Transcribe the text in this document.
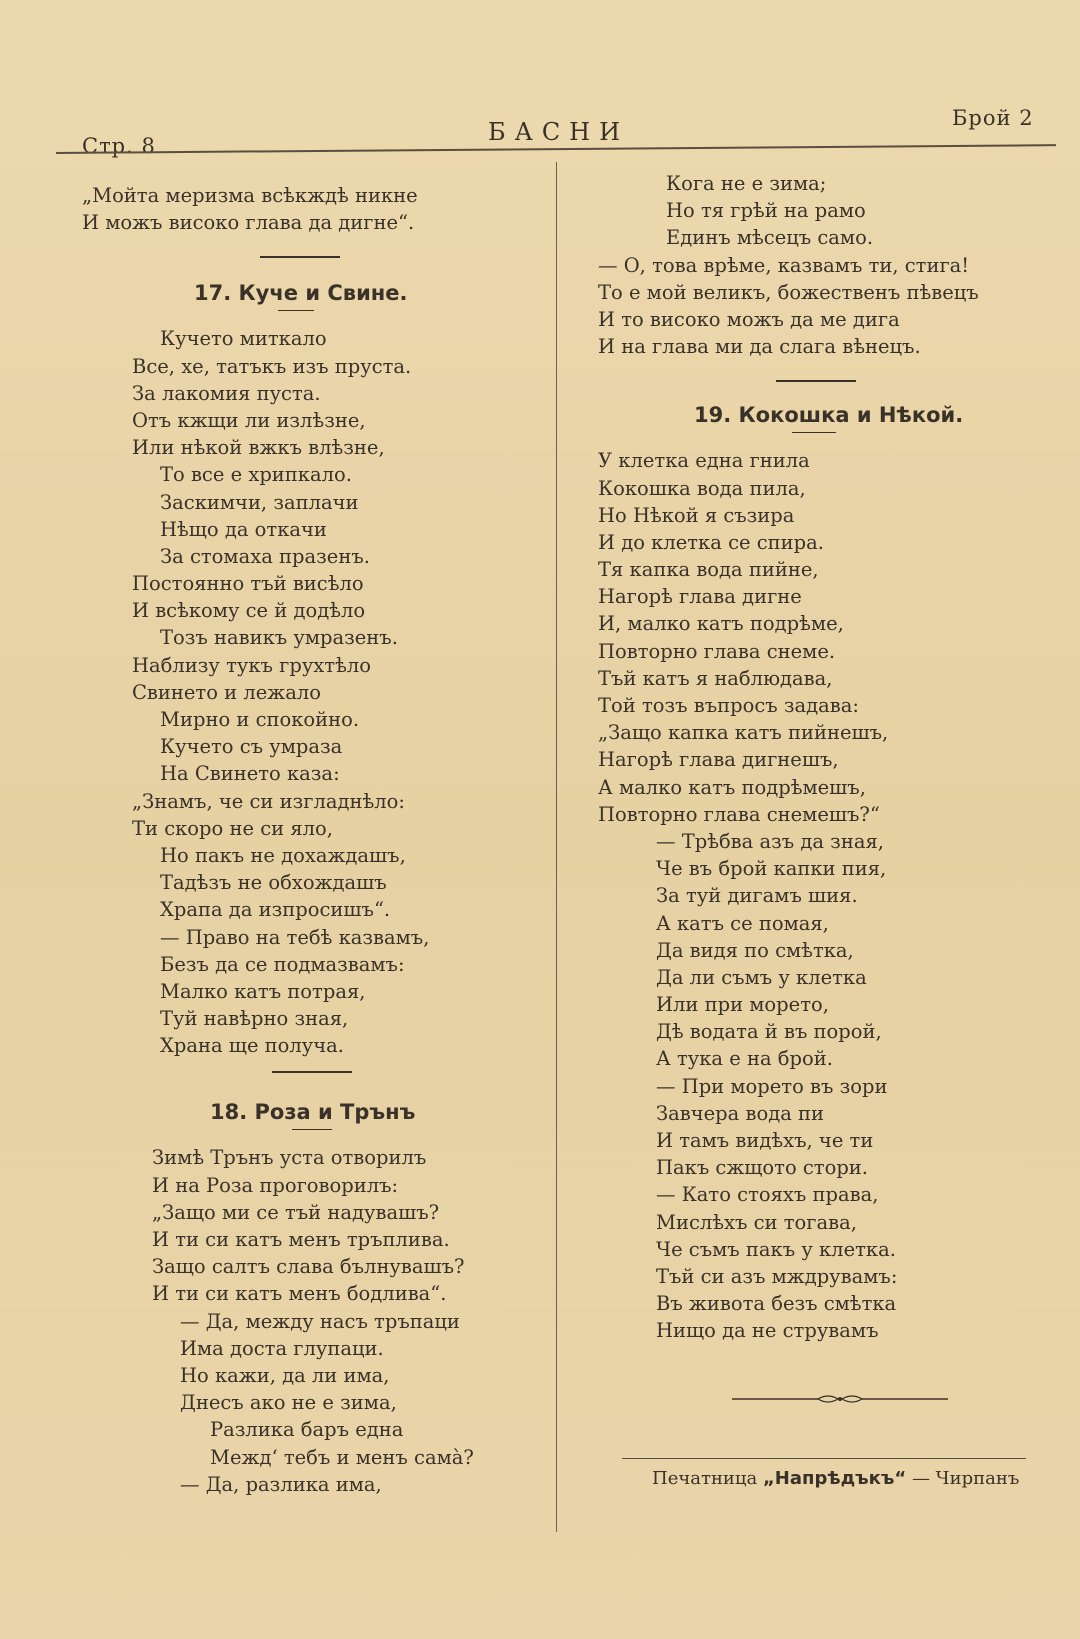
Стр. 8	БАСНИ	Брой 2
„Мойта меризма всѣкждѣ никне
И можъ високо глава да дигне“.
17. Куче и Свине.
Кучето миткало
Все, хе, татъкъ изъ пруста.
За лакомия пуста.
Отъ кжщи ли излѣзне,
Или нѣкой вжкъ влѣзне,
То все е хрипкало.
Заскимчи, заплачи
Нѣщо да откачи
За стомаха празенъ.
Постоянно тъй висѣло
И всѣкому се й додѣло
Тозъ навикъ умразенъ.
Наблизу тукъ грухтѣло
Свинето и лежало
Мирно и спокойно.
Кучето съ умраза
На Свинето каза:
„Знамъ, че си изгладнѣло:
Ти скоро не си яло,
Но пакъ не дохаждашъ,
Тадѣзъ не обхождашъ
Храпа да изпросишъ“.
— Право на тебѣ казвамъ,
Безъ да се подмазвамъ:
Малко катъ потрая,
Туй навѣрно зная,
Храна ще получа.
18. Роза и Трънъ
Зимѣ Трънъ уста отворилъ
И на Роза проговорилъ:
„Защо ми се тъй надувашъ?
И ти си катъ менъ тръплива.
Защо салтъ слава бълнувашъ?
И ти си катъ менъ бодлива“.
— Да, между насъ тръпаци
Има доста глупаци.
Но кажи, да ли има,
Днесъ ако не е зима,
Разлика баръ една
Межд‘ тебъ и менъ самà?
— Да, разлика има,
Кога не е зима;
Но тя грѣй на рамо
Единъ мѣсецъ само.
— О, това врѣме, казвамъ ти, стига!
То е мой великъ, божественъ пѣвецъ
И то високо можъ да ме дига
И на глава ми да слага вѣнецъ.
19. Кокошка и Нѣкой.
У клетка една гнила
Кокошка вода пила,
Но Нѣкой я съзира
И до клетка се спира.
Тя капка вода пийне,
Нагорѣ глава дигне
И, малко катъ подрѣме,
Повторно глава снеме.
Тъй катъ я наблюдава,
Той тозъ въпросъ задава:
„Защо капка катъ пийнешъ,
Нагорѣ глава дигнешъ,
А малко катъ подрѣмешъ,
Повторно глава снемешъ?“
— Трѣбва азъ да зная,
Че въ брой капки пия,
За туй дигамъ шия.
А катъ се помая,
Да видя по смѣтка,
Да ли съмъ у клетка
Или при морето,
Дѣ водата й въ порой,
А тука е на брой.
— При морето въ зори
Завчера вода пи
И тамъ видѣхъ, че ти
Пакъ сжщото стори.
— Като стояхъ права,
Мислѣхъ си тогава,
Че съмъ пакъ у клетка.
Тъй си азъ мждрувамъ:
Въ живота безъ смѣтка
Нищо да не струвамъ
Печатница „Напрѣдъкъ“ — Чирпанъ
